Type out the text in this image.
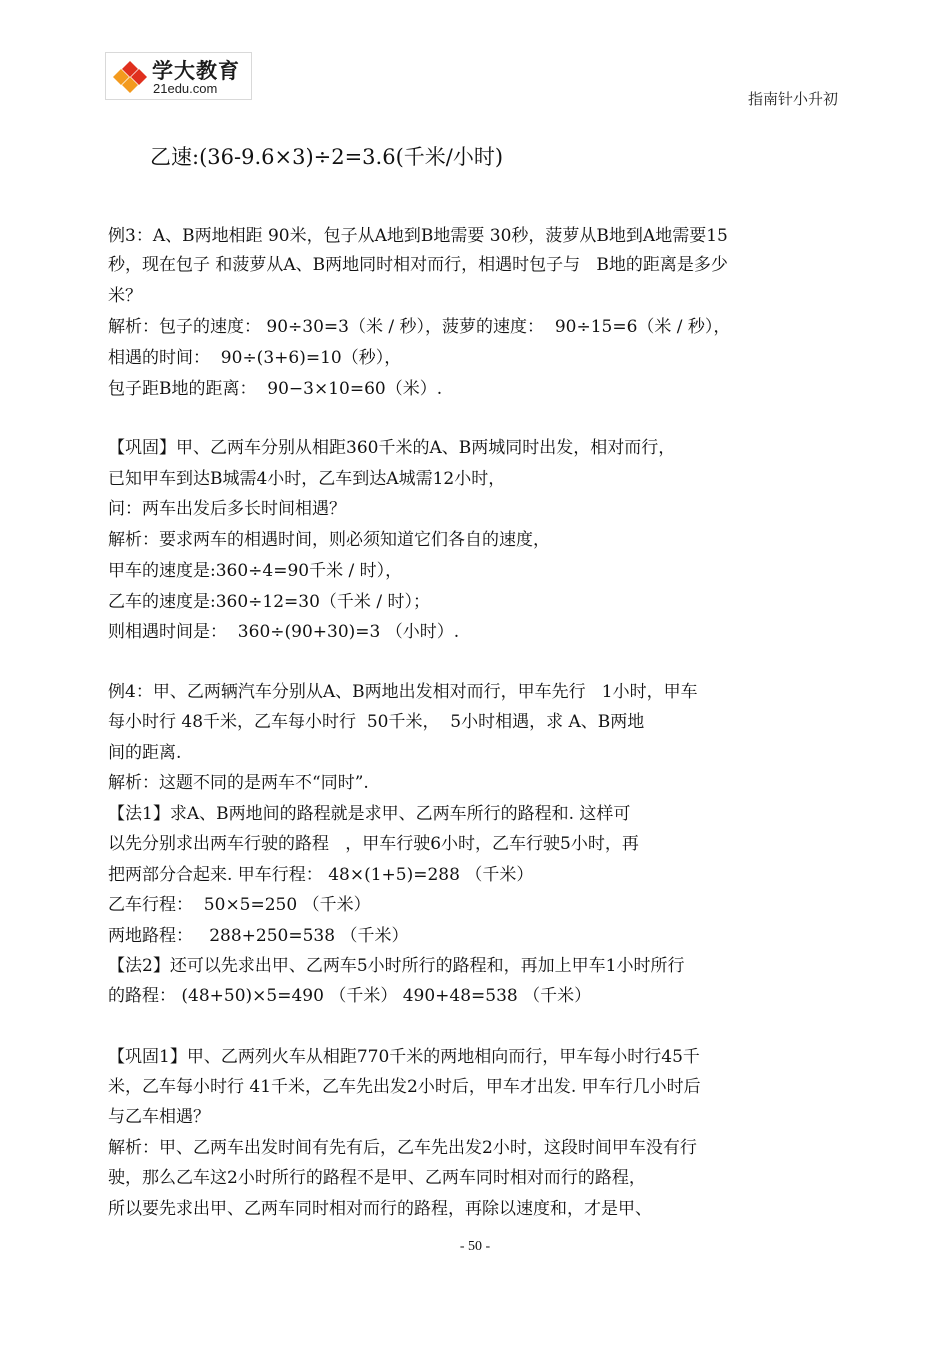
学大教育
21edu.com
指南针小升初
乙速:(36-9.6×3)÷2=3.6(千米/小时)
例3：A、B两地相距 90米，包子从A地到B地需要 30秒，菠萝从B地到A地需要15
秒，现在包子 和菠萝从A、B两地同时相对而行，相遇时包子与   B地的距离是多少
米？
解析：包子的速度： 90÷30=3（米 / 秒），菠萝的速度：  90÷15=6（米 / 秒），
相遇的时间：  90÷(3+6)=10（秒），
包子距B地的距离：  90−3×10=60（米）.
【巩固】甲、乙两车分别从相距360千米的A、B两城同时出发，相对而行，
已知甲车到达B城需4小时，乙车到达A城需12小时，
问：两车出发后多长时间相遇？
解析：要求两车的相遇时间，则必须知道它们各自的速度，
甲车的速度是:360÷4=90千米 / 时），
乙车的速度是:360÷12=30（千米 / 时）；
则相遇时间是：  360÷(90+30)=3 （小时）.
例4：甲、乙两辆汽车分别从A、B两地出发相对而行，甲车先行   1小时，甲车
每小时行 48千米，乙车每小时行  50千米，  5小时相遇，求 A、B两地
间的距离.
解析：这题不同的是两车不“同时”.
【法1】求A、B两地间的路程就是求甲、乙两车所行的路程和. 这样可
以先分别求出两车行驶的路程   ，甲车行驶6小时，乙车行驶5小时，再
把两部分合起来. 甲车行程： 48×(1+5)=288 （千米）
乙车行程：  50×5=250 （千米）
两地路程：   288+250=538 （千米）
【法2】还可以先求出甲、乙两车5小时所行的路程和，再加上甲车1小时所行
的路程： (48+50)×5=490 （千米） 490+48=538 （千米）
【巩固1】甲、乙两列火车从相距770千米的两地相向而行，甲车每小时行45千
米，乙车每小时行 41千米，乙车先出发2小时后，甲车才出发. 甲车行几小时后
与乙车相遇？
解析：甲、乙两车出发时间有先有后，乙车先出发2小时，这段时间甲车没有行
驶，那么乙车这2小时所行的路程不是甲、乙两车同时相对而行的路程，
所以要先求出甲、乙两车同时相对而行的路程，再除以速度和，才是甲、
- 50 -
